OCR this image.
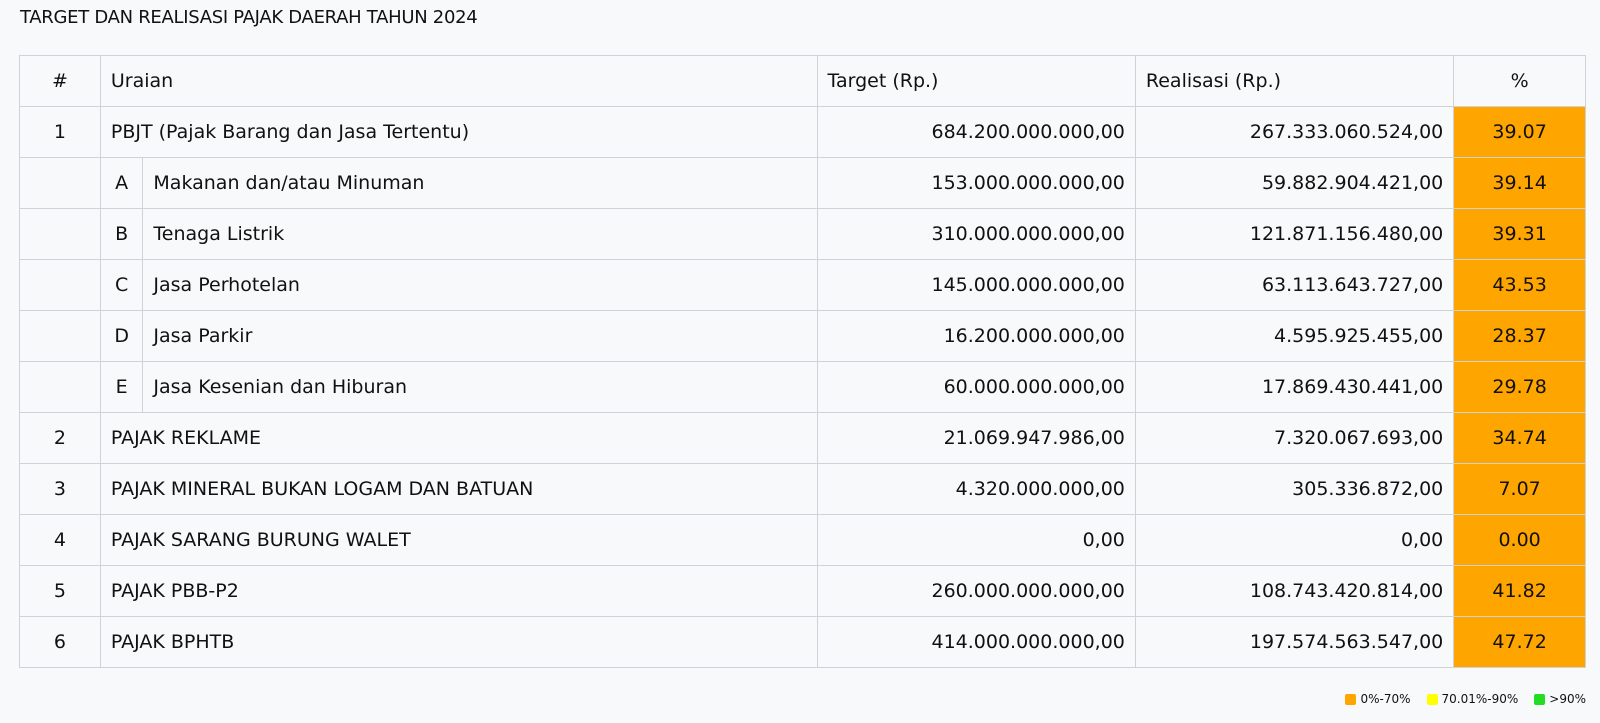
TARGET DAN REALISASI PAJAK DAERAH TAHUN 2024
#	Uraian		Target (Rp.)	Realisasi (Rp.)	%
1	PBJT (Pajak Barang dan Jasa Tertentu)		684.200.000.000,00	267.333.060.524,00	39.07
	A	Makanan dan/atau Minuman	153.000.000.000,00	59.882.904.421,00	39.14
	B	Tenaga Listrik	310.000.000.000,00	121.871.156.480,00	39.31
	C	Jasa Perhotelan	145.000.000.000,00	63.113.643.727,00	43.53
	D	Jasa Parkir	16.200.000.000,00	4.595.925.455,00	28.37
	E	Jasa Kesenian dan Hiburan	60.000.000.000,00	17.869.430.441,00	29.78
2	PAJAK REKLAME		21.069.947.986,00	7.320.067.693,00	34.74
3	PAJAK MINERAL BUKAN LOGAM DAN BATUAN		4.320.000.000,00	305.336.872,00	7.07
4	PAJAK SARANG BURUNG WALET		0,00	0,00	0.00
5	PAJAK PBB-P2		260.000.000.000,00	108.743.420.814,00	41.82
6	PAJAK BPHTB		414.000.000.000,00	197.574.563.547,00	47.72
0%-70%	70.01%-90%	>90%
